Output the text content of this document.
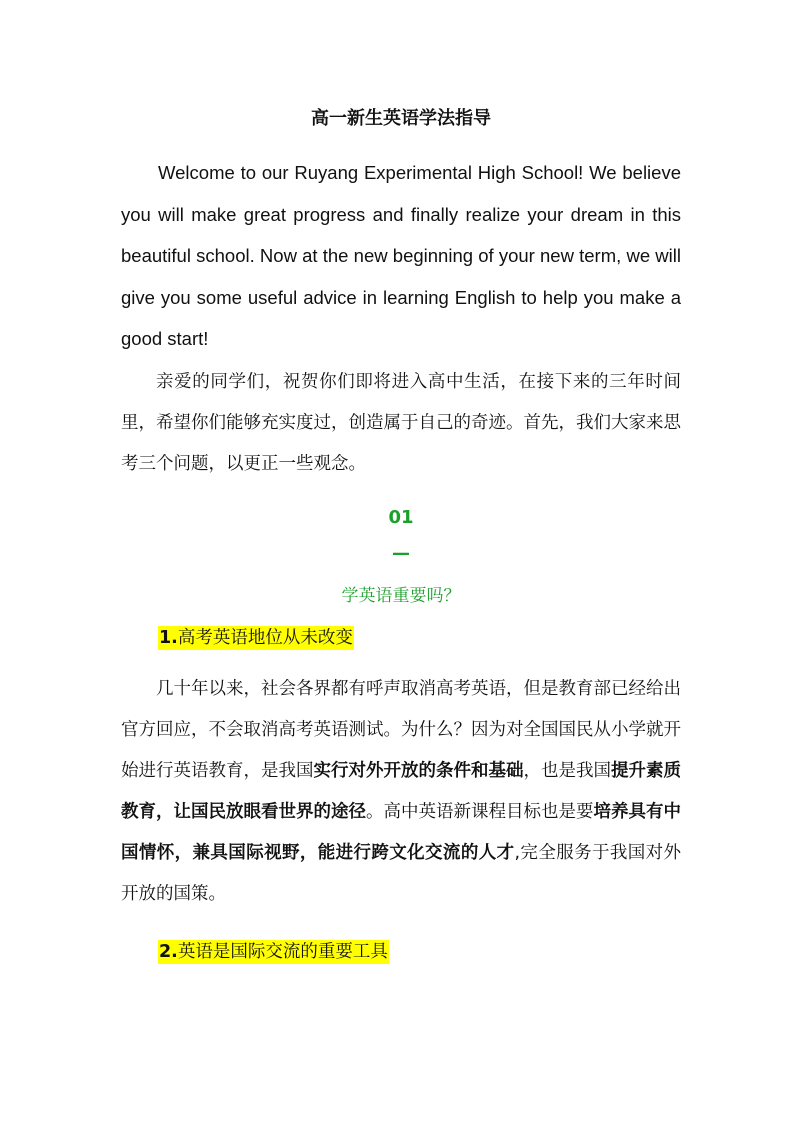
高一新生英语学法指导

Welcome to our Ruyang Experimental High School! We believe you will make great progress and finally realize your dream in this beautiful school. Now at the new beginning of your new term, we will give you some useful advice in learning English to help you make a good start!

亲爱的同学们，祝贺你们即将进入高中生活，在接下来的三年时间里，希望你们能够充实度过，创造属于自己的奇迹。首先，我们大家来思考三个问题，以更正一些观念。

01
—
学英语重要吗？
1.高考英语地位从未改变

几十年以来，社会各界都有呼声取消高考英语，但是教育部已经给出官方回应，不会取消高考英语测试。为什么？因为对全国国民从小学就开始进行英语教育，是我国实行对外开放的条件和基础，也是我国提升素质教育，让国民放眼看世界的途径。高中英语新课程目标也是要培养具有中国情怀，兼具国际视野，能进行跨文化交流的人才,完全服务于我国对外开放的国策。

2.英语是国际交流的重要工具
